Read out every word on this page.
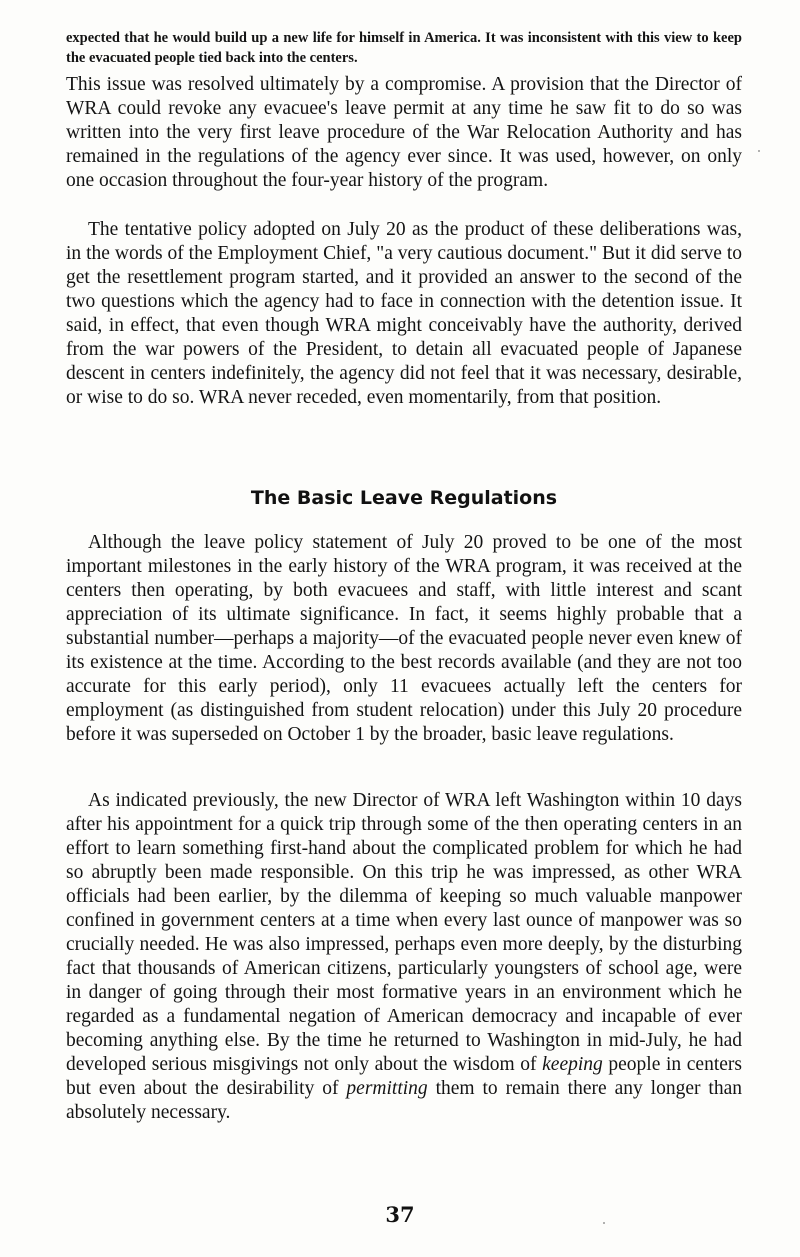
expected that he would build up a new life for himself in America. It was inconsistent with this view to keep the evacuated people tied back into the centers.

This issue was resolved ultimately by a compromise. A provision that the Director of WRA could revoke any evacuee's leave permit at any time he saw fit to do so was written into the very first leave procedure of the War Relocation Authority and has remained in the regulations of the agency ever since. It was used, however, on only one occasion throughout the four-year history of the program.

The tentative policy adopted on July 20 as the product of these deliberations was, in the words of the Employment Chief, "a very cautious document." But it did serve to get the resettlement program started, and it provided an answer to the second of the two questions which the agency had to face in connection with the detention issue. It said, in effect, that even though WRA might conceivably have the authority, derived from the war powers of the President, to detain all evacuated people of Japanese descent in centers indefinitely, the agency did not feel that it was necessary, desirable, or wise to do so. WRA never receded, even momentarily, from that position.

The Basic Leave Regulations

Although the leave policy statement of July 20 proved to be one of the most important milestones in the early history of the WRA program, it was received at the centers then operating, by both evacuees and staff, with little interest and scant appreciation of its ultimate significance. In fact, it seems highly probable that a substantial number—perhaps a majority—of the evacuated people never even knew of its existence at the time. According to the best records available (and they are not too accurate for this early period), only 11 evacuees actually left the centers for employment (as distinguished from student relocation) under this July 20 procedure before it was superseded on October 1 by the broader, basic leave regulations.

As indicated previously, the new Director of WRA left Washington within 10 days after his appointment for a quick trip through some of the then operating centers in an effort to learn something first-hand about the complicated problem for which he had so abruptly been made responsible. On this trip he was impressed, as other WRA officials had been earlier, by the dilemma of keeping so much valuable manpower confined in government centers at a time when every last ounce of manpower was so crucially needed. He was also impressed, perhaps even more deeply, by the disturbing fact that thousands of American citizens, particularly youngsters of school age, were in danger of going through their most formative years in an environment which he regarded as a fundamental negation of American democracy and incapable of ever becoming anything else. By the time he returned to Washington in mid-July, he had developed serious misgivings not only about the wisdom of keeping people in centers but even about the desirability of permitting them to remain there any longer than absolutely necessary.

37
